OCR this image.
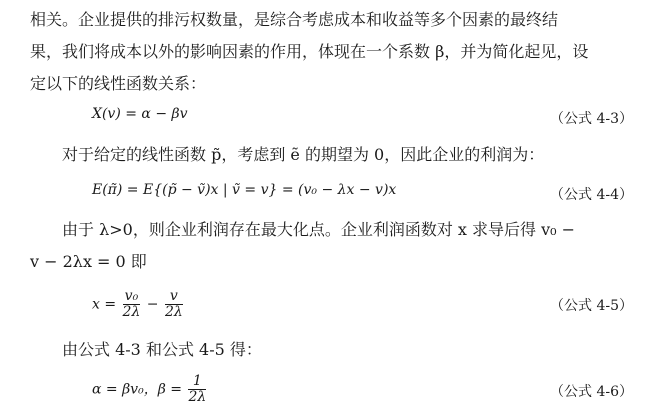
相关。企业提供的排污权数量，是综合考虑成本和收益等多个因素的最终结
果，我们将成本以外的影响因素的作用，体现在一个系数 β，并为简化起见，设
定以下的线性函数关系：
X(v) = α − βv	（公式 4-3）
对于给定的线性函数 p̃，考虑到 ẽ 的期望为 0，因此企业的利润为：
E(π̃) = E{(p̃ − ṽ)x | ṽ = v} = (v₀ − λx − v)x	（公式 4-4）
由于 λ>0，则企业利润存在最大化点。企业利润函数对 x 求导后得 v₀ −
v − 2λx = 0 即
$x = \frac{\text{v₀}}{2\lambda} - \frac{v}{2\lambda}$	（公式 4-5）
由公式 4-3 和公式 4-5 得：
α = βv₀，$\beta = \frac{1}{2\lambda}$	（公式 4-6）
